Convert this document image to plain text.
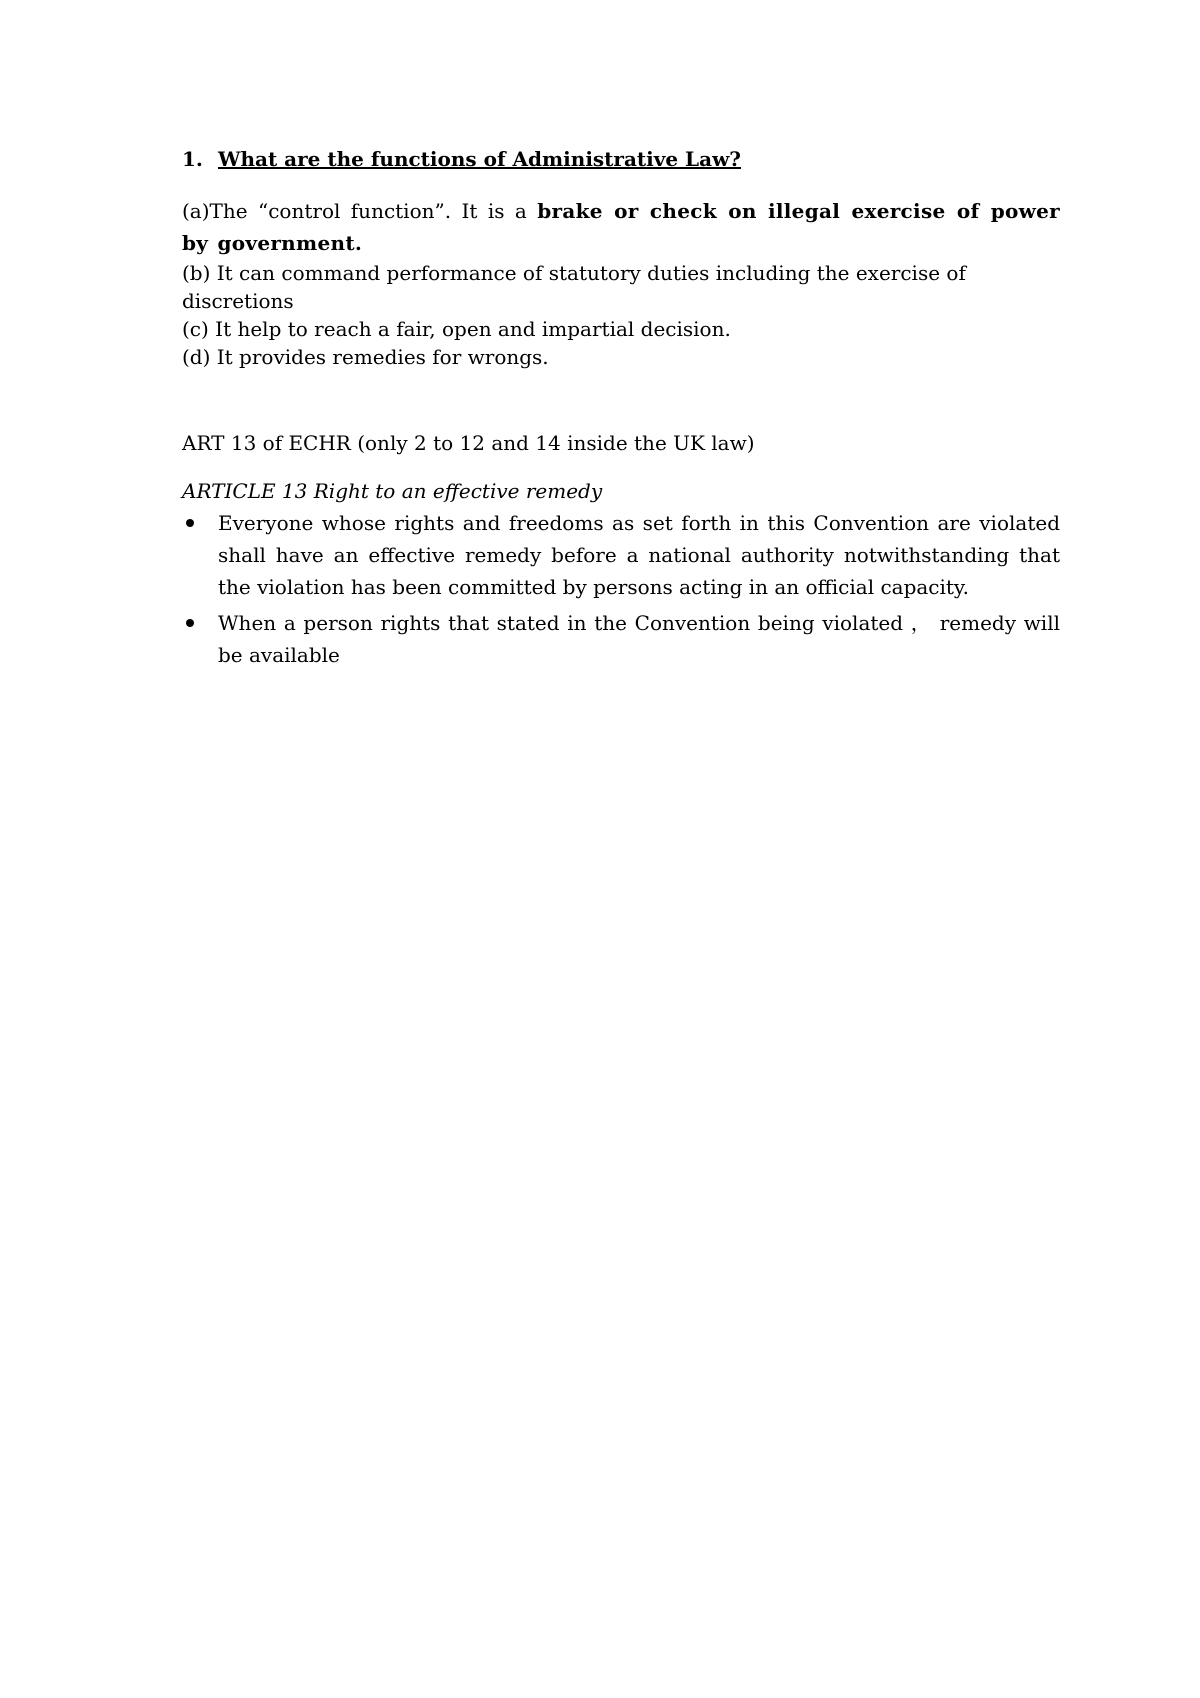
1. What are the functions of Administrative Law?

(a)The “control function”. It is a brake or check on illegal exercise of power by government.

(b) It can command performance of statutory duties including the exercise of discretions

(c) It help to reach a fair, open and impartial decision.

(d) It provides remedies for wrongs.

ART 13 of ECHR (only 2 to 12 and 14 inside the UK law)

ARTICLE 13 Right to an effective remedy

Everyone whose rights and freedoms as set forth in this Convention are violated shall have an effective remedy before a national authority notwithstanding that the violation has been committed by persons acting in an official capacity.
When a person rights that stated in the Convention being violated ， remedy will be available
